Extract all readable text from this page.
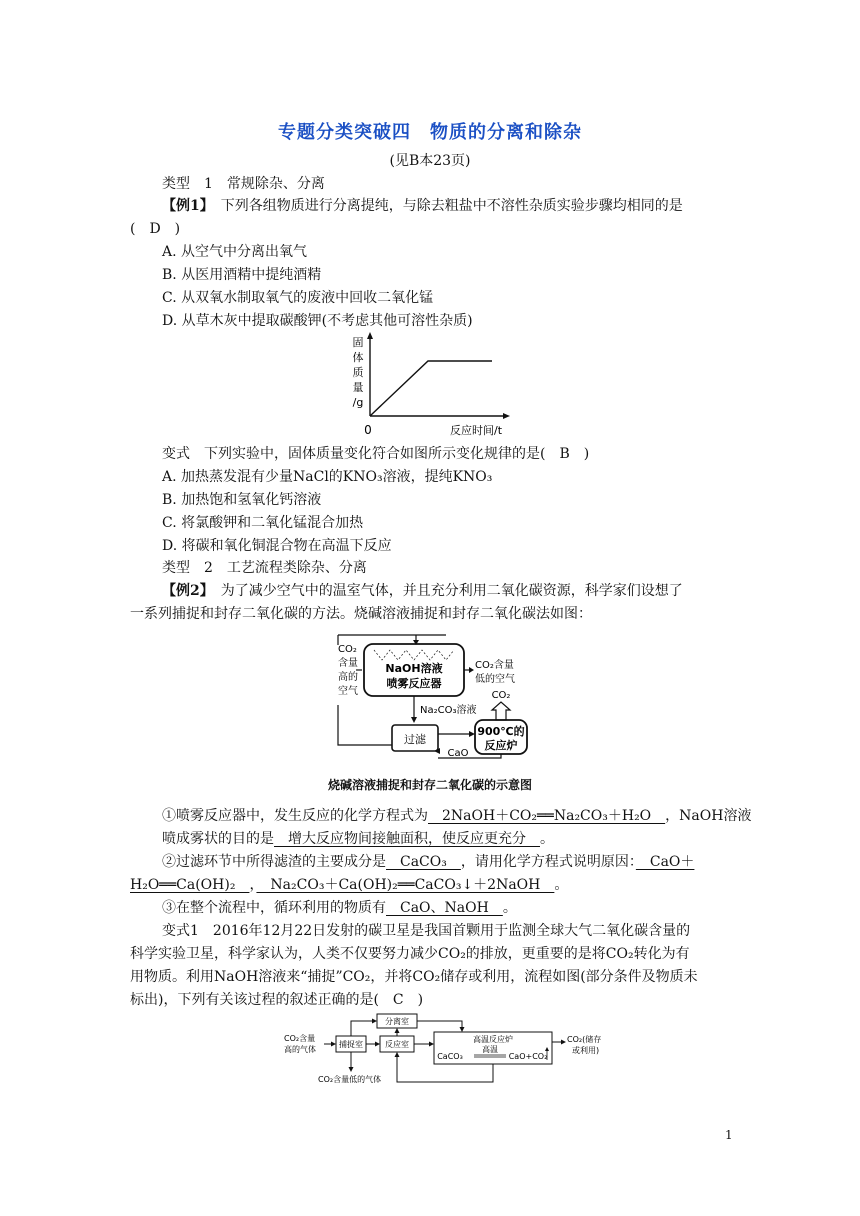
专题分类突破四　物质的分离和除杂
(见B本23页)
类型　1　常规除杂、分离
【例1】　下列各组物质进行分离提纯，与除去粗盐中不溶性杂质实验步骤均相同的是
(　D　)
A. 从空气中分离出氧气
B. 从医用酒精中提纯酒精
C. 从双氧水制取氧气的废液中回收二氧化锰
D. 从草木灰中提取碳酸钾(不考虑其他可溶性杂质)
固
体
质
量
/g
0	反应时间/t
变式　下列实验中，固体质量变化符合如图所示变化规律的是(　B　)
A. 加热蒸发混有少量NaCl的KNO₃溶液，提纯KNO₃
B. 加热饱和氢氧化钙溶液
C. 将氯酸钾和二氧化锰混合加热
D. 将碳和氧化铜混合物在高温下反应
类型　2　工艺流程类除杂、分离
【例2】　为了减少空气中的温室气体，并且充分利用二氧化碳资源，科学家们设想了
一系列捕捉和封存二氧化碳的方法。烧碱溶液捕捉和封存二氧化碳法如图：
CO₂
含量
高的
空气
NaOH溶液
喷雾反应器
CO₂含量
低的空气
Na₂CO₃溶液
过滤
900℃的
反应炉
CO₂
CaO
烧碱溶液捕捉和封存二氧化碳的示意图
①喷雾反应器中，发生反应的化学方程式为　2NaOH＋CO₂══Na₂CO₃＋H₂O　，NaOH溶液
喷成雾状的目的是　增大反应物间接触面积，使反应更充分　。
②过滤环节中所得滤渣的主要成分是　CaCO₃　，请用化学方程式说明原因：　CaO＋
H₂O══Ca(OH)₂　，　Na₂CO₃＋Ca(OH)₂══CaCO₃↓＋2NaOH　。
③在整个流程中，循环利用的物质有　CaO、NaOH　。
变式1　2016年12月22日发射的碳卫星是我国首颗用于监测全球大气二氧化碳含量的
科学实验卫星，科学家认为，人类不仅要努力减少CO₂的排放，更重要的是将CO₂转化为有
用物质。利用NaOH溶液来“捕捉”CO₂，并将CO₂储存或利用，流程如图(部分条件及物质未
标出)，下列有关该过程的叙述正确的是(　C　)
CO₂含量
高的气体
捕捉室	反应室
分离室
高温反应炉
CaCO₃
高温
CaO+CO₂
CO₂(储存
或利用)
CO₂含量低的气体
1
